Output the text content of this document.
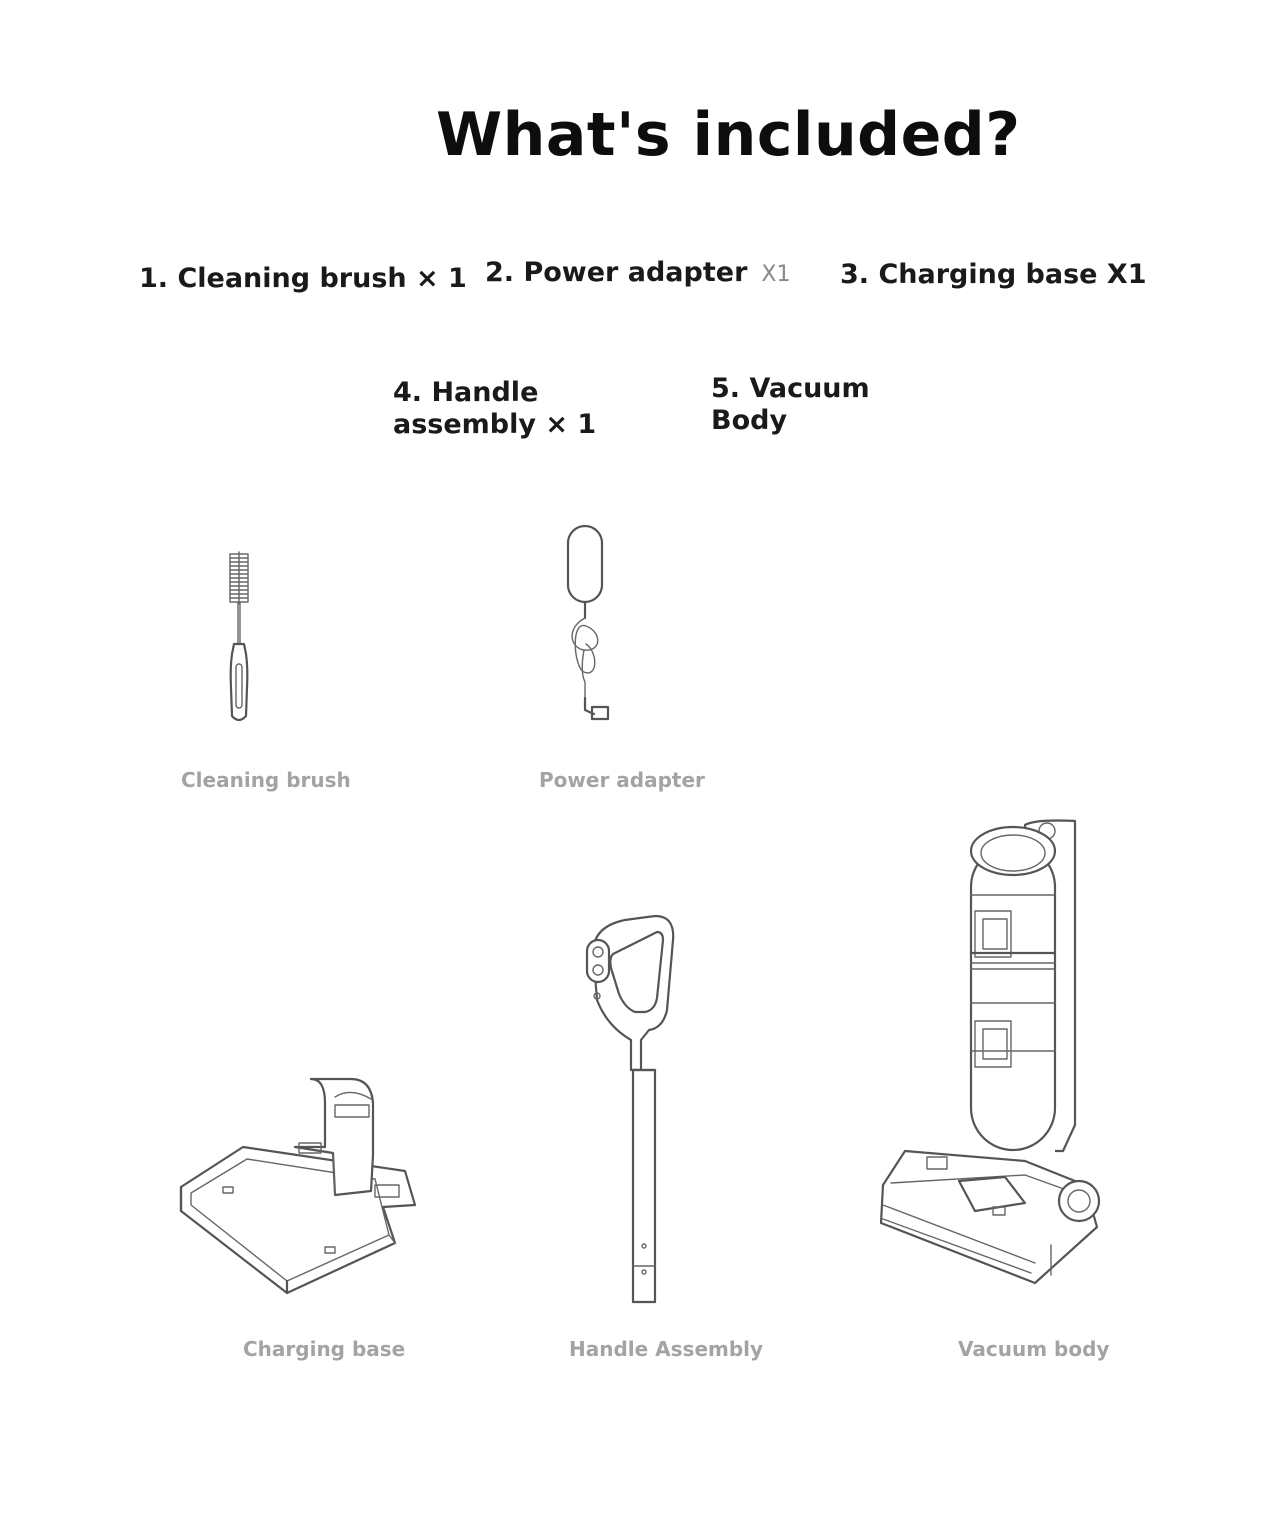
What's included?

1. Cleaning brush × 1 2. Power adapter X1 3. Charging base X1

4. Handle
assembly × 1
5. Vacuum
Body

Cleaning brush	Power adapter

Charging base	Handle Assembly	Vacuum body
